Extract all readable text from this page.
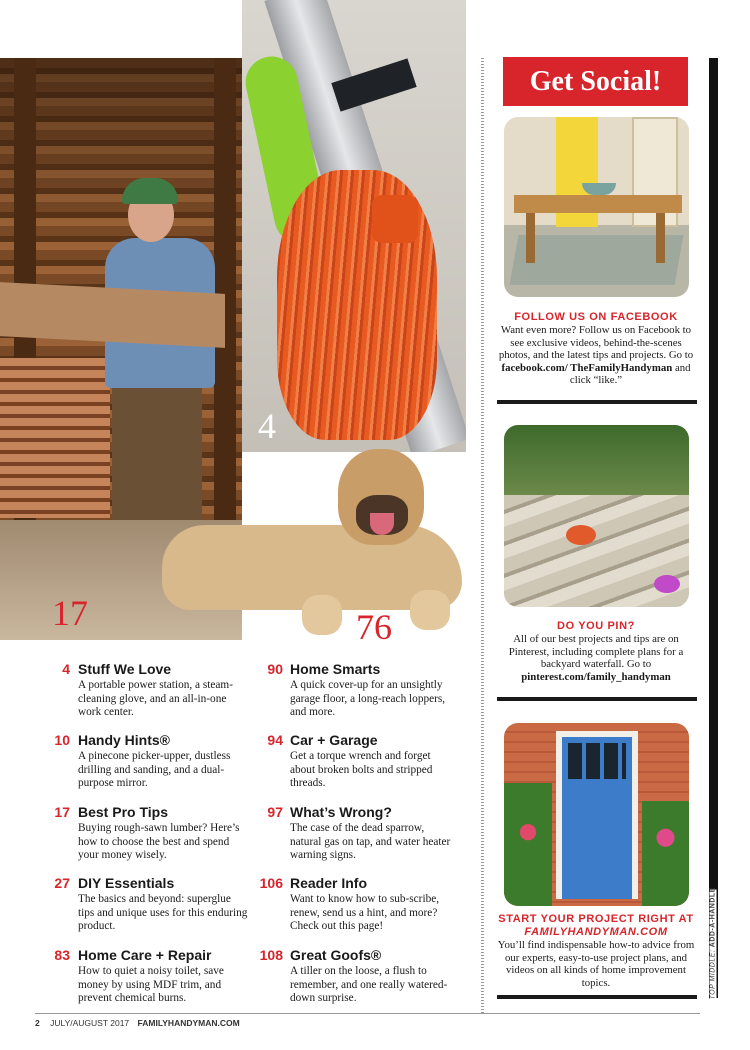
17
4
76
4 Stuff We Love
A portable power station, a steam-cleaning glove, and an all-in-one work center.
10 Handy Hints®
A pinecone picker-upper, dustless drilling and sanding, and a dual-purpose mirror.
17 Best Pro Tips
Buying rough-sawn lumber? Here’s how to choose the best and spend your money wisely.
27 DIY Essentials
The basics and beyond: superglue tips and unique uses for this enduring product.
83 Home Care + Repair
How to quiet a noisy toilet, save money by using MDF trim, and prevent chemical burns.
90 Home Smarts
A quick cover-up for an unsightly garage floor, a long-reach loppers, and more.
94 Car + Garage
Get a torque wrench and forget about broken bolts and stripped threads.
97 What’s Wrong?
The case of the dead sparrow, natural gas on tap, and water heater warning signs.
106 Reader Info
Want to know how to sub-scribe, renew, send us a hint, and more? Check out this page!
108 Great Goofs®
A tiller on the loose, a flush to remember, and one really watered-down surprise.
Get Social!
FOLLOW US ON FACEBOOK
Want even more? Follow us on Facebook to see exclusive videos, behind-the-scenes photos, and the latest tips and projects. Go to facebook.com/ TheFamilyHandyman and click “like.”
DO YOU PIN?
All of our best projects and tips are on Pinterest, including complete plans for a backyard waterfall. Go to pinterest.com/family_handyman
START YOUR PROJECT RIGHT AT FAMILYHANDYMAN.COM
You’ll find indispensable how-to advice from our experts, easy-to-use project plans, and videos on all kinds of home improvement topics.	TOP MIDDLE: ADD-A-HANDLE
2 JULY/AUGUST 2017 FAMILYHANDYMAN.COM
